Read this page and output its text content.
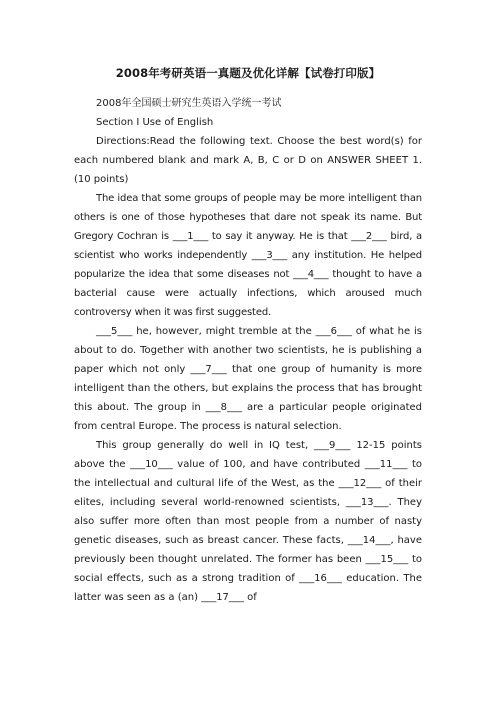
2008年考研英语一真题及优化详解【试卷打印版】

2008年全国硕士研究生英语入学统一考试

Section I Use of English

Directions:Read the following text. Choose the best word(s) for each numbered blank and mark A, B, C or D on ANSWER SHEET 1. (10 points)

The idea that some groups of people may be more intelligent than others is one of those hypotheses that dare not speak its name. But Gregory Cochran is ___1___ to say it anyway. He is that ___2___ bird, a scientist who works independently ___3___ any institution. He helped popularize the idea that some diseases not ___4___ thought to have a bacterial cause were actually infections, which aroused much controversy when it was first suggested.

___5___ he, however, might tremble at the ___6___ of what he is about to do. Together with another two scientists, he is publishing a paper which not only ___7___ that one group of humanity is more intelligent than the others, but explains the process that has brought this about. The group in ___8___ are a particular people originated from central Europe. The process is natural selection.

This group generally do well in IQ test, ___9___ 12-15 points above the ___10___ value of 100, and have contributed ___11___ to the intellectual and cultural life of the West, as the ___12___ of their elites, including several world-renowned scientists, ___13___. They also suffer more often than most people from a number of nasty genetic diseases, such as breast cancer. These facts, ___14___, have previously been thought unrelated. The former has been ___15___ to social effects, such as a strong tradition of ___16___ education. The latter was seen as a (an) ___17___ of
